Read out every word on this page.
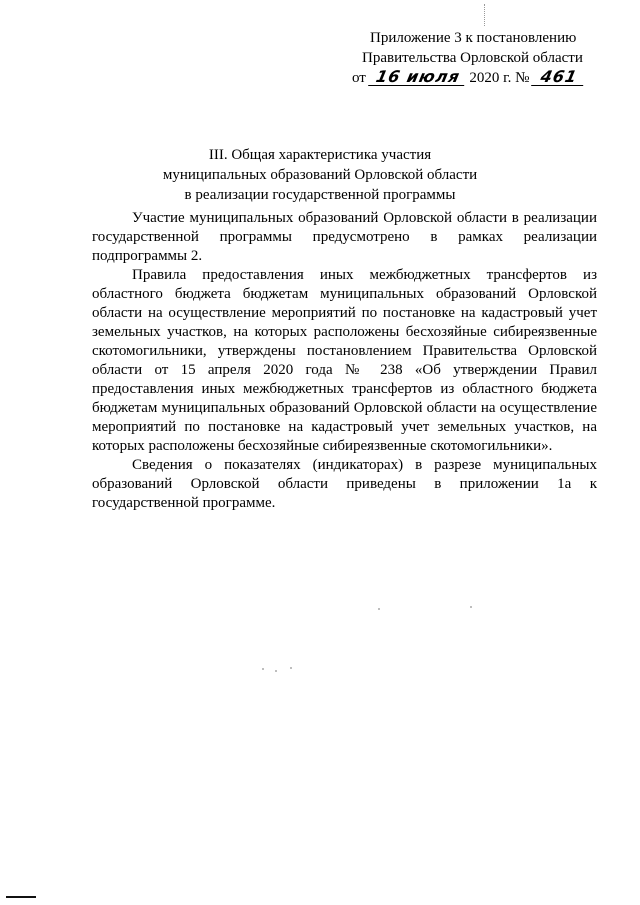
Приложение 3 к постановлению
Правительства Орловской области
от 16 июля 2020 г. № 461
III. Общая характеристика участия
муниципальных образований Орловской области
в реализации государственной программы

Участие муниципальных образований Орловской области в реализации государственной программы предусмотрено в рамках реализации подпрограммы 2.

Правила предоставления иных межбюджетных трансфертов из областного бюджета бюджетам муниципальных образований Орловской области на осуществление мероприятий по постановке на кадастровый учет земельных участков, на которых расположены бесхозяйные сибиреязвенные скотомогильники, утверждены постановлением Правительства Орловской области от 15 апреля 2020 года № 238 «Об утверждении Правил предоставления иных межбюджетных трансфертов из областного бюджета бюджетам муниципальных образований Орловской области на осуществление мероприятий по постановке на кадастровый учет земельных участков, на которых расположены бесхозяйные сибиреязвенные скотомогильники».

Сведения о показателях (индикаторах) в разрезе муниципальных образований Орловской области приведены в приложении 1а к государственной программе.
